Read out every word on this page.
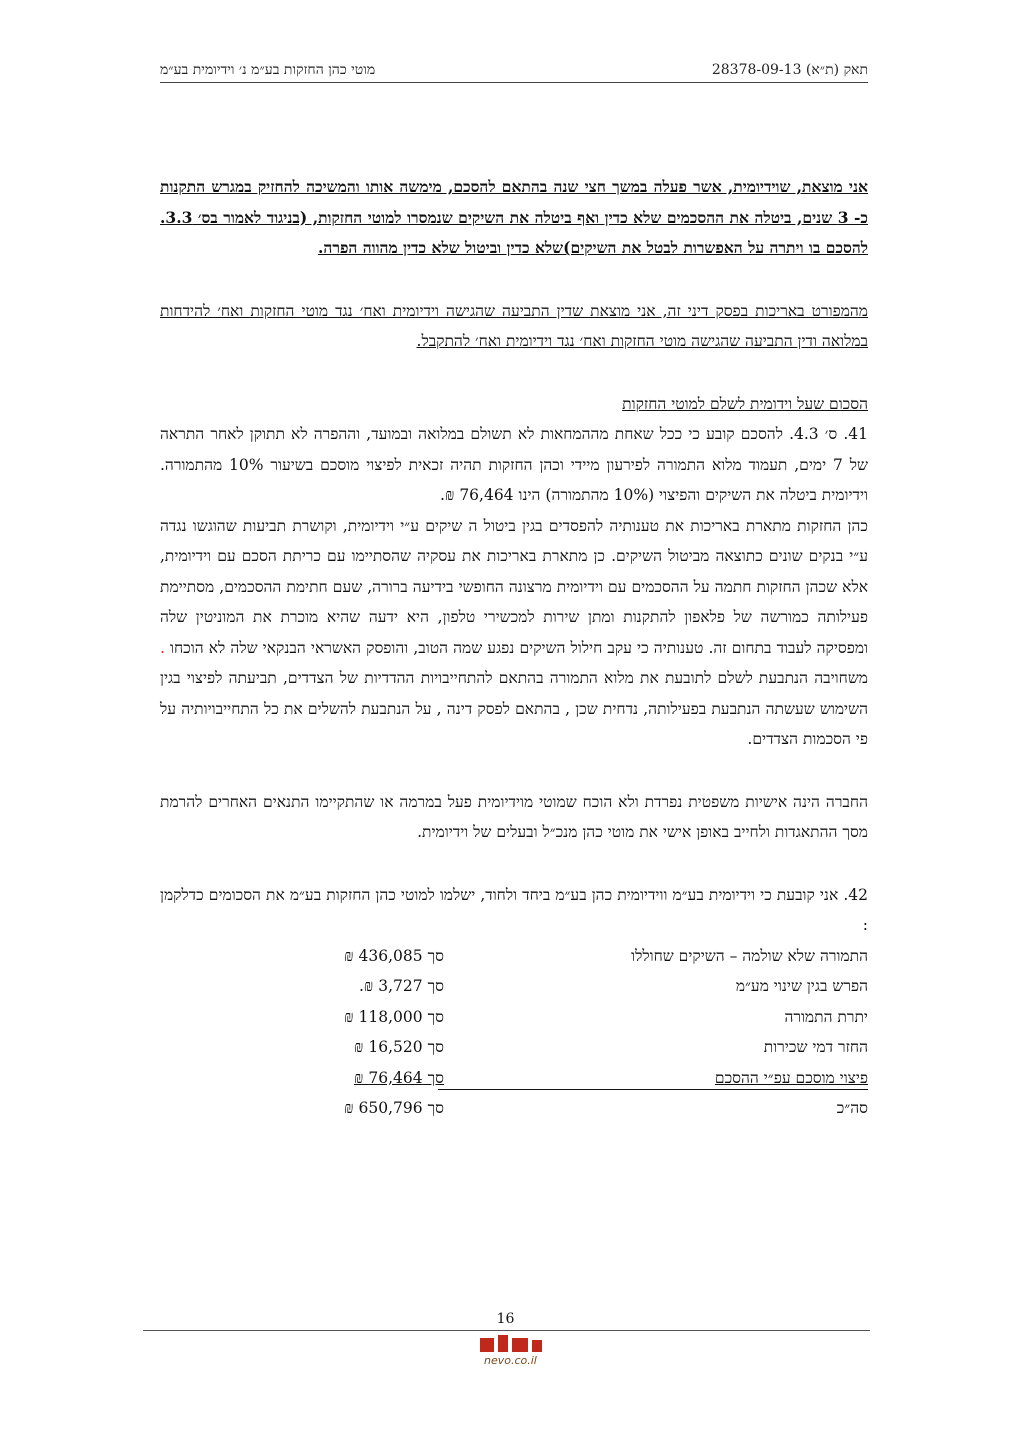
תאק (ת״א) 28378-09-13
מוטי כהן החזקות בע״מ נ׳ וידיומית בע״מ

אני מוצאת, שוידיומית, אשר פעלה במשך חצי שנה בהתאם להסכם, מימשה אותו והמשיכה להחזיק במגרש התקנות כ- 3 שנים, ביטלה את ההסכמים שלא כדין ואף ביטלה את השיקים שנמסרו למוטי החזקות, (בניגוד לאמור בס׳ 3.3. להסכם בו ויתרה על האפשרות לבטל את השיקים)שלא כדין וביטול שלא כדין מהווה הפרה.

מהמפורט באריכות בפסק דיני זה, אני מוצאת שדין התביעה שהגישה וידיומית ואח׳ נגד מוטי החזקות ואח׳ להידחות במלואה ודין התביעה שהגישה מוטי החזקות ואח׳ נגד וידיומית ואח׳ להתקבל.

הסכום שעל וידומית לשלם למוטי החזקות

41. ס׳ 4.3. להסכם קובע כי ככל שאחת מההמחאות לא תשולם במלואה ובמועד, וההפרה לא תתוקן לאחר התראה של 7 ימים, תעמוד מלוא התמורה לפירעון מיידי וכהן החזקות תהיה זכאית לפיצוי מוסכם בשיעור 10% מהתמורה. וידיומית ביטלה את השיקים והפיצוי (10% מהתמורה) הינו 76,464 ₪.

כהן החזקות מתארת באריכות את טענותיה להפסדים בגין ביטול ה שיקים ע״י וידיומית, וקושרת תביעות שהוגשו נגדה ע״י בנקים שונים כתוצאה מביטול השיקים. כן מתארת באריכות את עסקיה שהסתיימו עם כריתת הסכם עם וידיומית, אלא שכהן החזקות חתמה על ההסכמים עם וידיומית מרצונה החופשי בידיעה ברורה, שעם חתימת ההסכמים, מסתיימת פעילותה כמורשה של פלאפון להתקנות ומתן שירות למכשירי טלפון, היא ידעה שהיא מוכרת את המוניטין שלה ומפסיקה לעבוד בתחום זה. טענותיה כי עקב חילול השיקים נפגע שמה הטוב, והופסק האשראי הבנקאי שלה לא הוכחו . משחויבה הנתבעת לשלם לתובעת את מלוא התמורה בהתאם להתחייבויות ההדדיות של הצדדים, תביעתה לפיצוי בגין השימוש שעשתה הנתבעת בפעילותה, נדחית שכן , בהתאם לפסק דינה , על הנתבעת להשלים את כל התחייבויותיה על פי הסכמות הצדדים.

החברה הינה אישיות משפטית נפרדת ולא הוכח שמוטי מוידיומית פעל במרמה או שהתקיימו התנאים האחרים להרמת מסך ההתאגדות ולחייב באופן אישי את מוטי כהן מנכ״ל ובעלים של וידיומית.

42. אני קובעת כי וידיומית בע״מ ווידיומית כהן בע״מ ביחד ולחוד, ישלמו למוטי כהן החזקות בע״מ את הסכומים כדלקמן :

התמורה שלא שולמה – השיקים שחוללו
סך 436,085 ₪
הפרש בגין שינוי מע״מ
סך 3,727 ₪.
יתרת התמורה
סך 118,000 ₪
החזר דמי שכירות
סך 16,520 ₪
פיצוי מוסכם עפ״י ההסכם
סך 76,464 ₪
סה״כ
סך 650,796 ₪
16
nevo.co.il
